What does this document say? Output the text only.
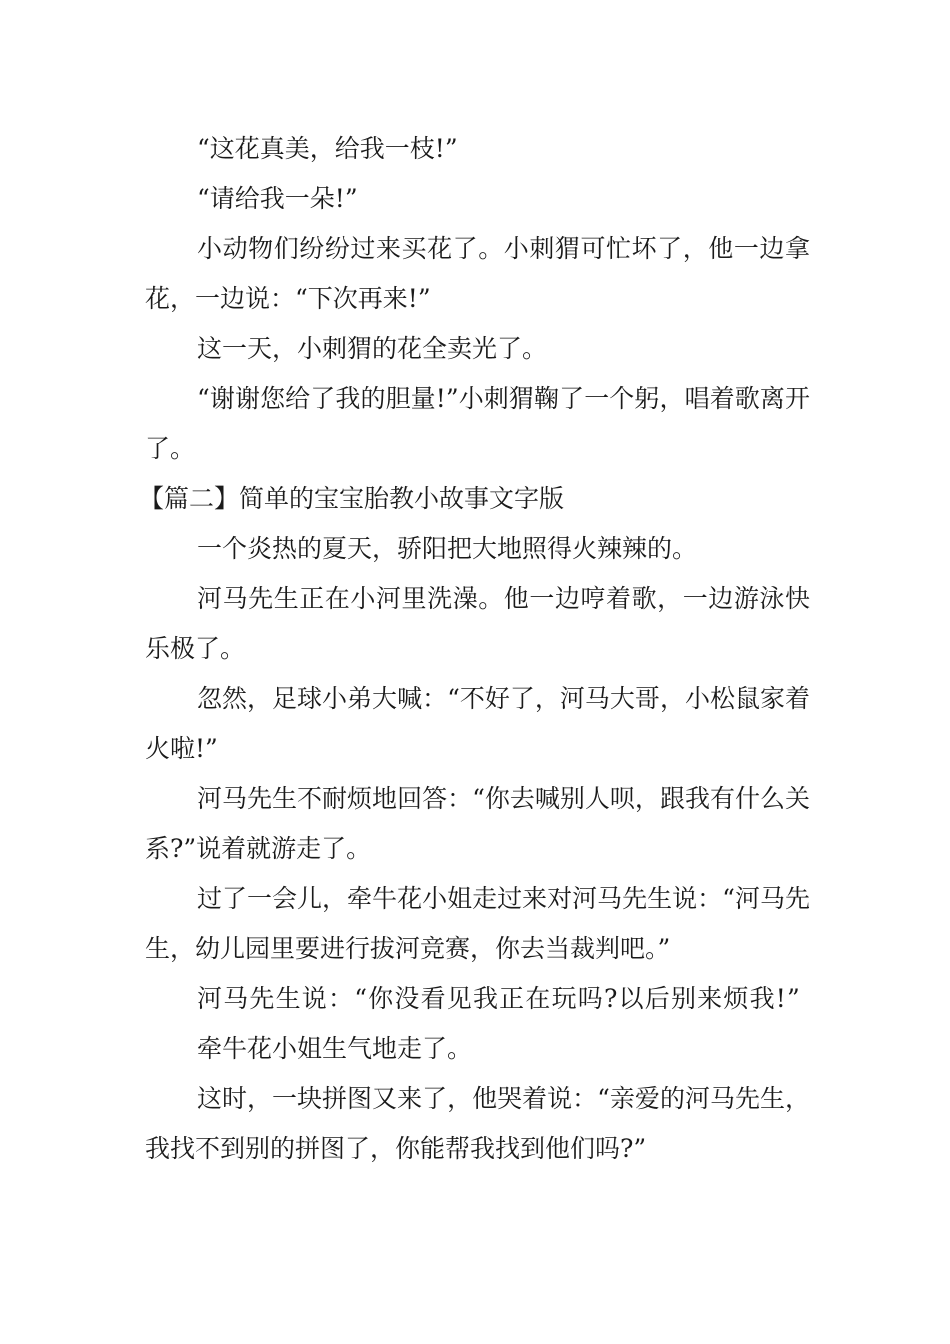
“这花真美，给我一枝!”

“请给我一朵!”

小动物们纷纷过来买花了。小刺猬可忙坏了，他一边拿花，一边说：“下次再来!”

这一天，小刺猬的花全卖光了。

“谢谢您给了我的胆量!”小刺猬鞠了一个躬，唱着歌离开了。

【篇二】简单的宝宝胎教小故事文字版

一个炎热的夏天，骄阳把大地照得火辣辣的。

河马先生正在小河里洗澡。他一边哼着歌，一边游泳快乐极了。

忽然，足球小弟大喊：“不好了，河马大哥，小松鼠家着火啦!”

河马先生不耐烦地回答：“你去喊别人呗，跟我有什么关系?”说着就游走了。

过了一会儿，牵牛花小姐走过来对河马先生说：“河马先生，幼儿园里要进行拔河竞赛，你去当裁判吧。”

河马先生说：“你没看见我正在玩吗?以后别来烦我!”

牵牛花小姐生气地走了。

这时，一块拼图又来了，他哭着说：“亲爱的河马先生，我找不到别的拼图了，你能帮我找到他们吗?”
